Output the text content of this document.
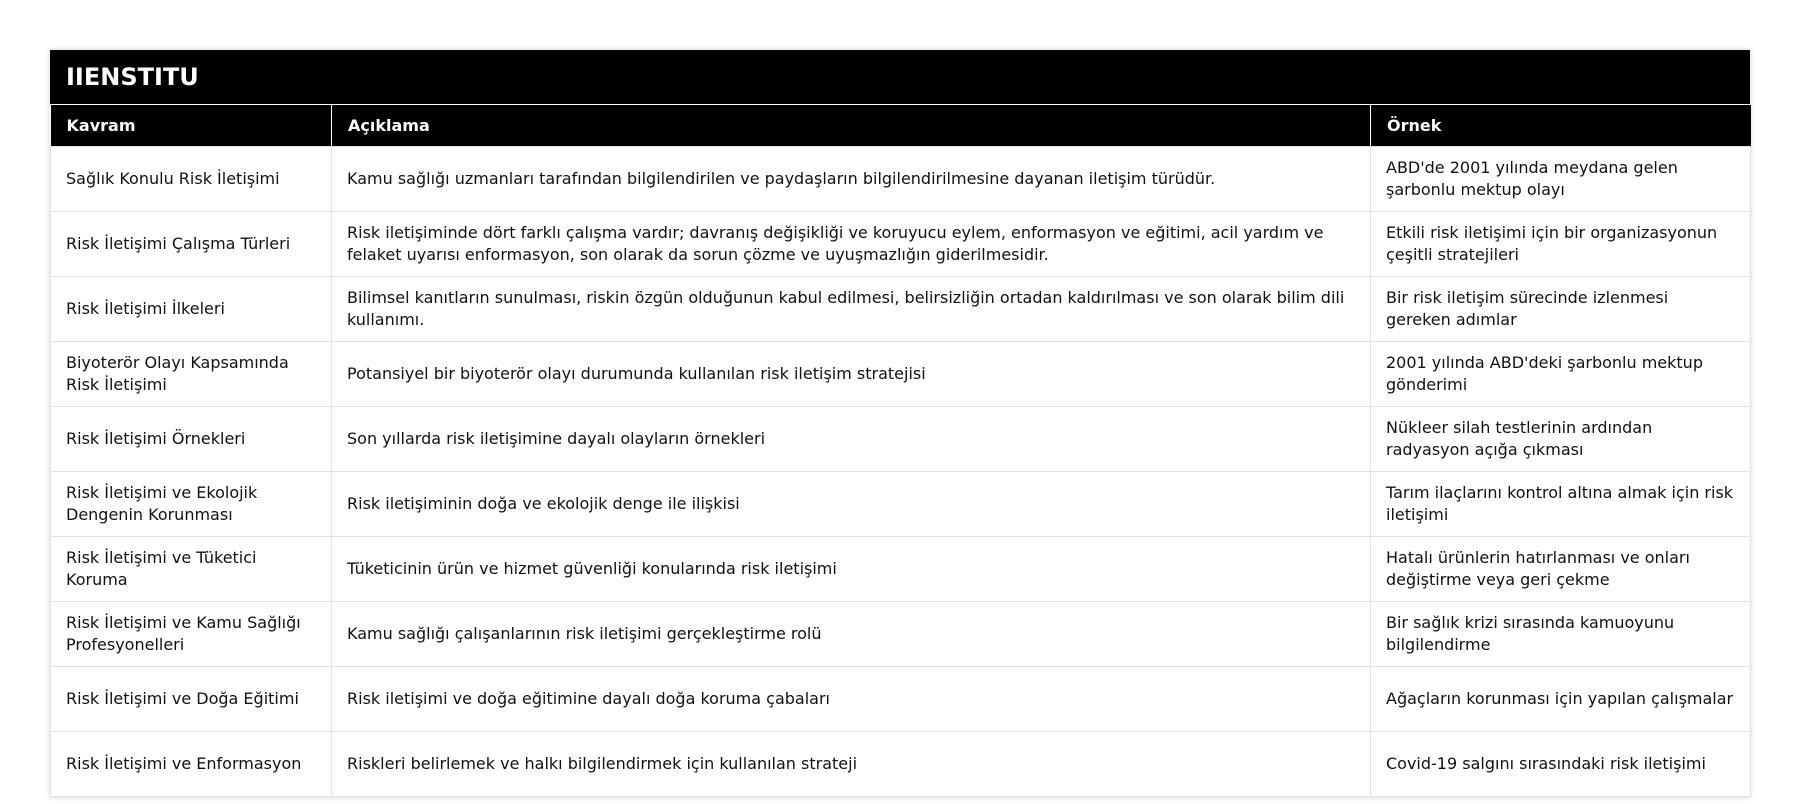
IIENSTITU
Kavram	Açıklama	Örnek
Sağlık Konulu Risk İletişimi	Kamu sağlığı uzmanları tarafından bilgilendirilen ve paydaşların bilgilendirilmesine dayanan iletişim türüdür.	ABD'de 2001 yılında meydana gelen şarbonlu mektup olayı
Risk İletişimi Çalışma Türleri	Risk iletişiminde dört farklı çalışma vardır; davranış değişikliği ve koruyucu eylem, enformasyon ve eğitimi, acil yardım ve felaket uyarısı enformasyon, son olarak da sorun çözme ve uyuşmazlığın giderilmesidir.	Etkili risk iletişimi için bir organizasyonun çeşitli stratejileri
Risk İletişimi İlkeleri	Bilimsel kanıtların sunulması, riskin özgün olduğunun kabul edilmesi, belirsizliğin ortadan kaldırılması ve son olarak bilim dili kullanımı.	Bir risk iletişim sürecinde izlenmesi gereken adımlar
Biyoterör Olayı Kapsamında Risk İletişimi	Potansiyel bir biyoterör olayı durumunda kullanılan risk iletişim stratejisi	2001 yılında ABD'deki şarbonlu mektup gönderimi
Risk İletişimi Örnekleri	Son yıllarda risk iletişimine dayalı olayların örnekleri	Nükleer silah testlerinin ardından radyasyon açığa çıkması
Risk İletişimi ve Ekolojik Dengenin Korunması	Risk iletişiminin doğa ve ekolojik denge ile ilişkisi	Tarım ilaçlarını kontrol altına almak için risk iletişimi
Risk İletişimi ve Tüketici Koruma	Tüketicinin ürün ve hizmet güvenliği konularında risk iletişimi	Hatalı ürünlerin hatırlanması ve onları değiştirme veya geri çekme
Risk İletişimi ve Kamu Sağlığı Profesyonelleri	Kamu sağlığı çalışanlarının risk iletişimi gerçekleştirme rolü	Bir sağlık krizi sırasında kamuoyunu bilgilendirme
Risk İletişimi ve Doğa Eğitimi	Risk iletişimi ve doğa eğitimine dayalı doğa koruma çabaları	Ağaçların korunması için yapılan çalışmalar
Risk İletişimi ve Enformasyon	Riskleri belirlemek ve halkı bilgilendirmek için kullanılan strateji	Covid-19 salgını sırasındaki risk iletişimi
